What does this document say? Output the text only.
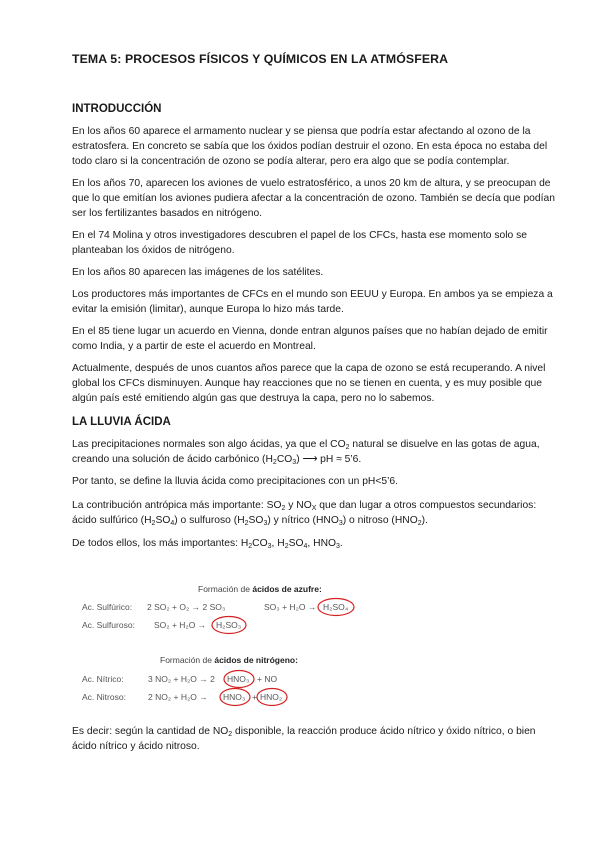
TEMA 5: PROCESOS FÍSICOS Y QUÍMICOS EN LA ATMÓSFERA
INTRODUCCIÓN

En los años 60 aparece el armamento nuclear y se piensa que podría estar afectando al ozono de la estratosfera. En concreto se sabía que los óxidos podían destruir el ozono. En esta época no estaba del todo claro si la concentración de ozono se podía alterar, pero era algo que se podía contemplar.

En los años 70, aparecen los aviones de vuelo estratosférico, a unos 20 km de altura, y se preocupan de que lo que emitían los aviones pudiera afectar a la concentración de ozono. También se decía que podían ser los fertilizantes basados en nitrógeno.

En el 74 Molina y otros investigadores descubren el papel de los CFCs, hasta ese momento solo se planteaban los óxidos de nitrógeno.

En los años 80 aparecen las imágenes de los satélites.

Los productores más importantes de CFCs en el mundo son EEUU y Europa. En ambos ya se empieza a evitar la emisión (limitar), aunque Europa lo hizo más tarde.

En el 85 tiene lugar un acuerdo en Vienna, donde entran algunos países que no habían dejado de emitir como India, y a partir de este el acuerdo en Montreal.

Actualmente, después de unos cuantos años parece que la capa de ozono se está recuperando. A nivel global los CFCs disminuyen. Aunque hay reacciones que no se tienen en cuenta, y es muy posible que algún país esté emitiendo algún gas que destruya la capa, pero no lo sabemos.

LA LLUVIA ÁCIDA

Las precipitaciones normales son algo ácidas, ya que el $CO_2$ natural se disuelve en las gotas de agua, creando una solución de ácido carbónico $(H_2CO_3)$ ⟶ pH ≈ 5’6.

Por tanto, se define la lluvia ácida como precipitaciones con un pH<5’6.

La contribución antrópica más importante: $SO_2$ y $NO_X$ que dan lugar a otros compuestos secundarios: ácido sulfúrico $(H_2SO_4)$ o sulfuroso $(H_2SO_3)$ y nítrico $(HNO_3)$ o nitroso $(HNO_2)$.

De todos ellos, los más importantes: $H_2CO_3$, $H_2SO_4$, $HNO_3$.

Formación de ácidos de azufre:
Ac. Sulfúrico: 2 SO₂ + O₂ → 2 SO₃	SO₃ + H₂O → H₂SO₄
Ac. Sulfuroso: SO₂ + H₂O → H₂SO₃
Formación de ácidos de nitrógeno:
Ac. Nítrico:	3 NO₂ + H₂O → 2 HNO₃ + NO
Ac. Nitroso:	2 NO₂ + H₂O → HNO₃ + HNO₂

Es decir: según la cantidad de $NO_2$ disponible, la reacción produce ácido nítrico y óxido nítrico, o bien ácido nítrico y ácido nitroso.
